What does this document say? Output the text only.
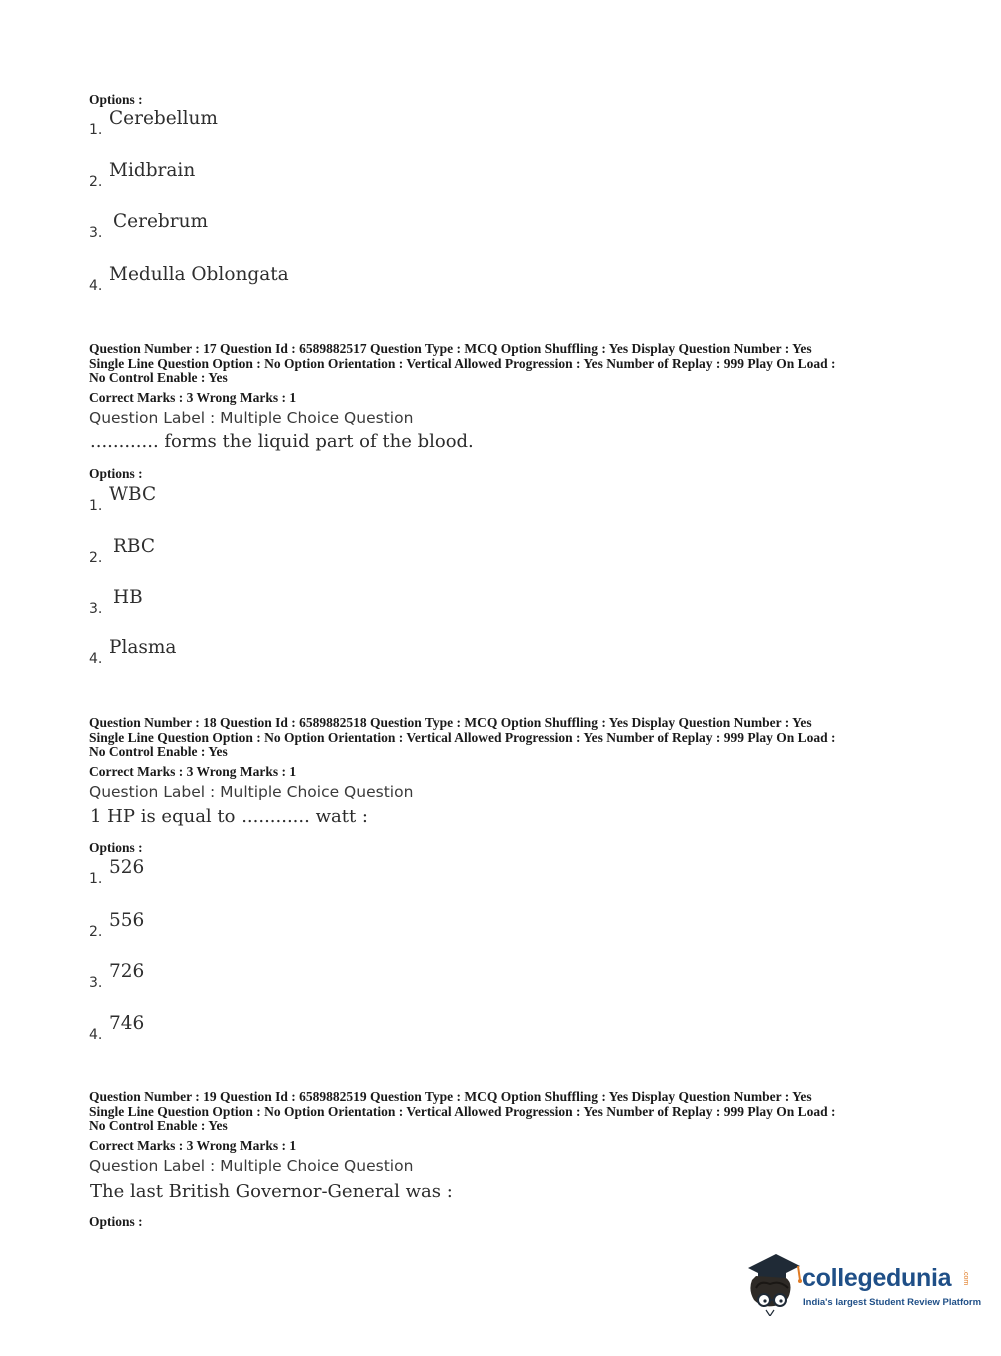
Options :
1.
Cerebellum
2.
Midbrain
3.
Cerebrum
4.
Medulla Oblongata
Question Number : 17 Question Id : 6589882517 Question Type : MCQ Option Shuffling : Yes Display Question Number : Yes
Single Line Question Option : No Option Orientation : Vertical Allowed Progression : Yes Number of Replay : 999 Play On Load :
No Control Enable : Yes
Correct Marks : 3 Wrong Marks : 1
Question Label : Multiple Choice Question
............ forms the liquid part of the blood.
Options :
1.
WBC
2.
RBC
3.
HB
4.
Plasma
Question Number : 18 Question Id : 6589882518 Question Type : MCQ Option Shuffling : Yes Display Question Number : Yes
Single Line Question Option : No Option Orientation : Vertical Allowed Progression : Yes Number of Replay : 999 Play On Load :
No Control Enable : Yes
Correct Marks : 3 Wrong Marks : 1
Question Label : Multiple Choice Question
1 HP is equal to ............ watt :
Options :
1.
526
2.
556
3.
726
4.
746
Question Number : 19 Question Id : 6589882519 Question Type : MCQ Option Shuffling : Yes Display Question Number : Yes
Single Line Question Option : No Option Orientation : Vertical Allowed Progression : Yes Number of Replay : 999 Play On Load :
No Control Enable : Yes
Correct Marks : 3 Wrong Marks : 1
Question Label : Multiple Choice Question
The last British Governor-General was :
Options :
collegedunia .com
India's largest Student Review Platform
